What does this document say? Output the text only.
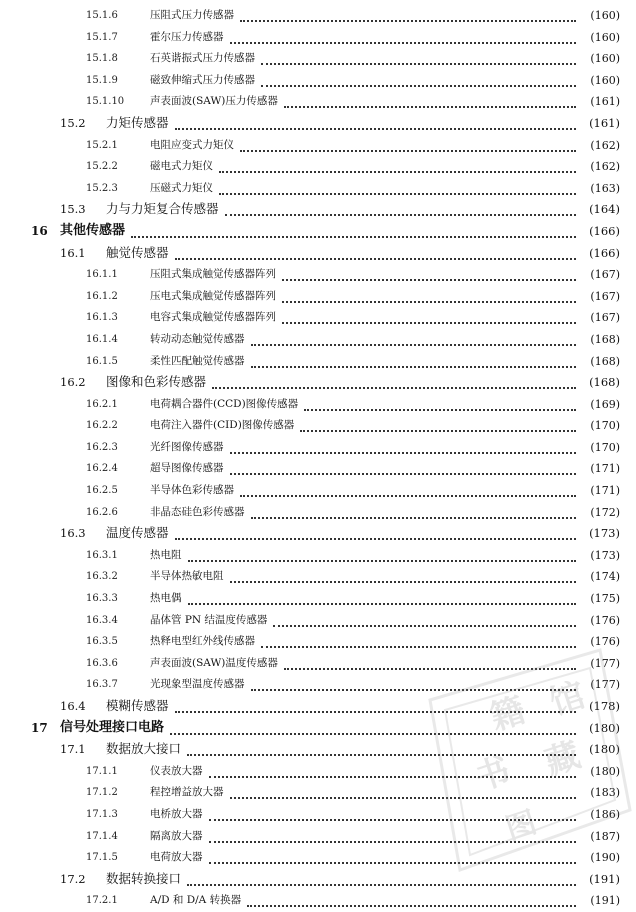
15.1.6	压阻式压力传感器	(160)
15.1.7	霍尔压力传感器	(160)
15.1.8	石英谐振式压力传感器	(160)
15.1.9	磁致伸缩式压力传感器	(160)
15.1.10 声表面波(SAW)压力传感器	(161)
15.2 力矩传感器	(161)
15.2.1	电阻应变式力矩仪	(162)
15.2.2	磁电式力矩仪	(162)
15.2.3	压磁式力矩仪	(163)
15.3 力与力矩复合传感器	(164)
16 其他传感器	(166)
16.1 触觉传感器	(166)
16.1.1	压阻式集成触觉传感器阵列	(167)
16.1.2	压电式集成触觉传感器阵列	(167)
16.1.3	电容式集成触觉传感器阵列	(167)
16.1.4	转动动态触觉传感器	(168)
16.1.5	柔性匹配触觉传感器	(168)
16.2 图像和色彩传感器	(168)
16.2.1	电荷耦合器件(CCD)图像传感器	(169)
16.2.2	电荷注入器件(CID)图像传感器	(170)
16.2.3	光纤图像传感器	(170)
16.2.4	超导图像传感器	(171)
16.2.5	半导体色彩传感器	(171)
16.2.6	非晶态硅色彩传感器	(172)
16.3 温度传感器	(173)
16.3.1	热电阻	(173)
16.3.2	半导体热敏电阻	(174)
16.3.3	热电偶	(175)
16.3.4	晶体管 PN 结温度传感器	(176)
16.3.5	热释电型红外线传感器	(176)
16.3.6	声表面波(SAW)温度传感器	(177)
16.3.7	光现象型温度传感器	(177)
16.4 模糊传感器	(178)
17 信号处理接口电路	(180)
17.1 数据放大接口	(180)
17.1.1	仪表放大器	(180)
17.1.2	程控增益放大器	(183)
17.1.3	电桥放大器	(186)
17.1.4	隔离放大器	(187)
17.1.5	电荷放大器	(190)
17.2 数据转换接口	(191)
17.2.1	A/D 和 D/A 转换器	(191)
籍 馆
书 藏
图
